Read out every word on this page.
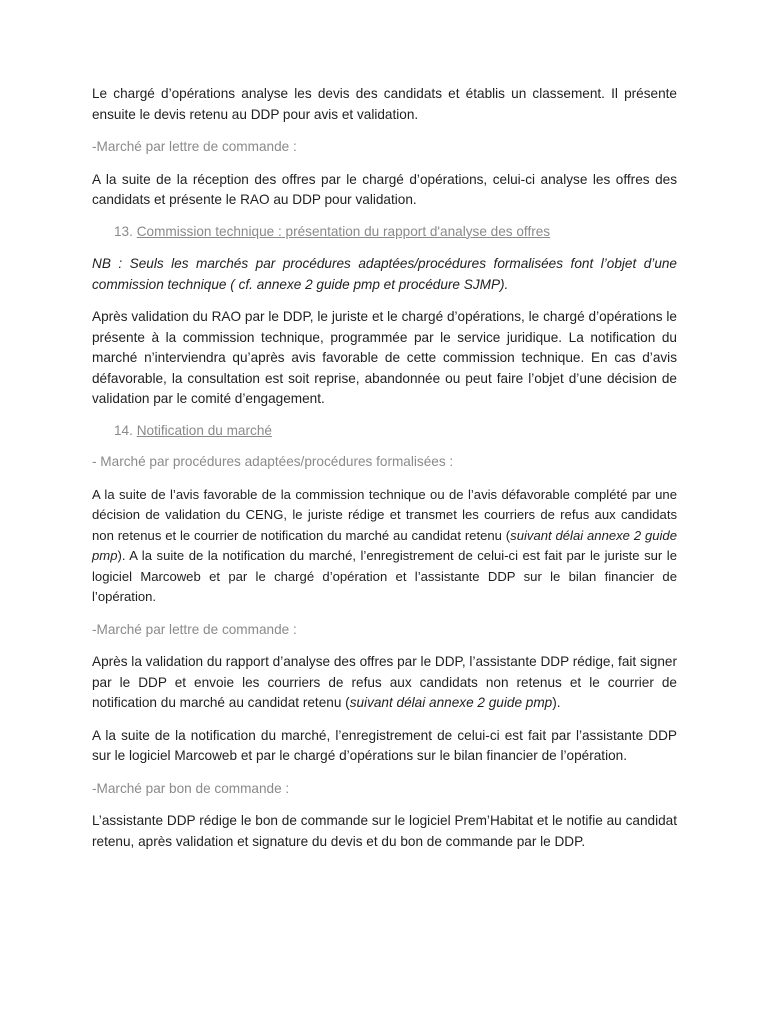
Le chargé d’opérations analyse les devis des candidats et établis un classement. Il présente ensuite le devis retenu au DDP pour avis et validation.

-Marché par lettre de commande :

A la suite de la réception des offres par le chargé d’opérations, celui-ci analyse les offres des candidats et présente le RAO au DDP pour validation.

13. Commission technique : présentation du rapport d'analyse des offres

NB : Seuls les marchés par procédures adaptées/procédures formalisées font l’objet d’une commission technique ( cf. annexe 2 guide pmp et procédure SJMP).

Après validation du RAO par le DDP, le juriste et le chargé d’opérations, le chargé d’opérations le présente à la commission technique, programmée par le service juridique. La notification du marché n’interviendra qu’après avis favorable de cette commission technique. En cas d’avis défavorable, la consultation est soit reprise, abandonnée ou peut faire l’objet d’une décision de validation par le comité d’engagement.

14. Notification du marché

- Marché par procédures adaptées/procédures formalisées :

A la suite de l’avis favorable de la commission technique ou de l’avis défavorable complété par une décision de validation du CENG, le juriste rédige et transmet les courriers de refus aux candidats non retenus et le courrier de notification du marché au candidat retenu (suivant délai annexe 2 guide pmp). A la suite de la notification du marché, l’enregistrement de celui-ci est fait par le juriste sur le logiciel Marcoweb et par le chargé d’opération et l’assistante DDP sur le bilan financier de l’opération.

-Marché par lettre de commande :

Après la validation du rapport d’analyse des offres par le DDP, l’assistante DDP rédige, fait signer par le DDP et envoie les courriers de refus aux candidats non retenus et le courrier de notification du marché au candidat retenu (suivant délai annexe 2 guide pmp).

A la suite de la notification du marché, l’enregistrement de celui-ci est fait par l’assistante DDP sur le logiciel Marcoweb et par le chargé d’opérations sur le bilan financier de l’opération.

-Marché par bon de commande :

L’assistante DDP rédige le bon de commande sur le logiciel Prem’Habitat et le notifie au candidat retenu, après validation et signature du devis et du bon de commande par le DDP.
